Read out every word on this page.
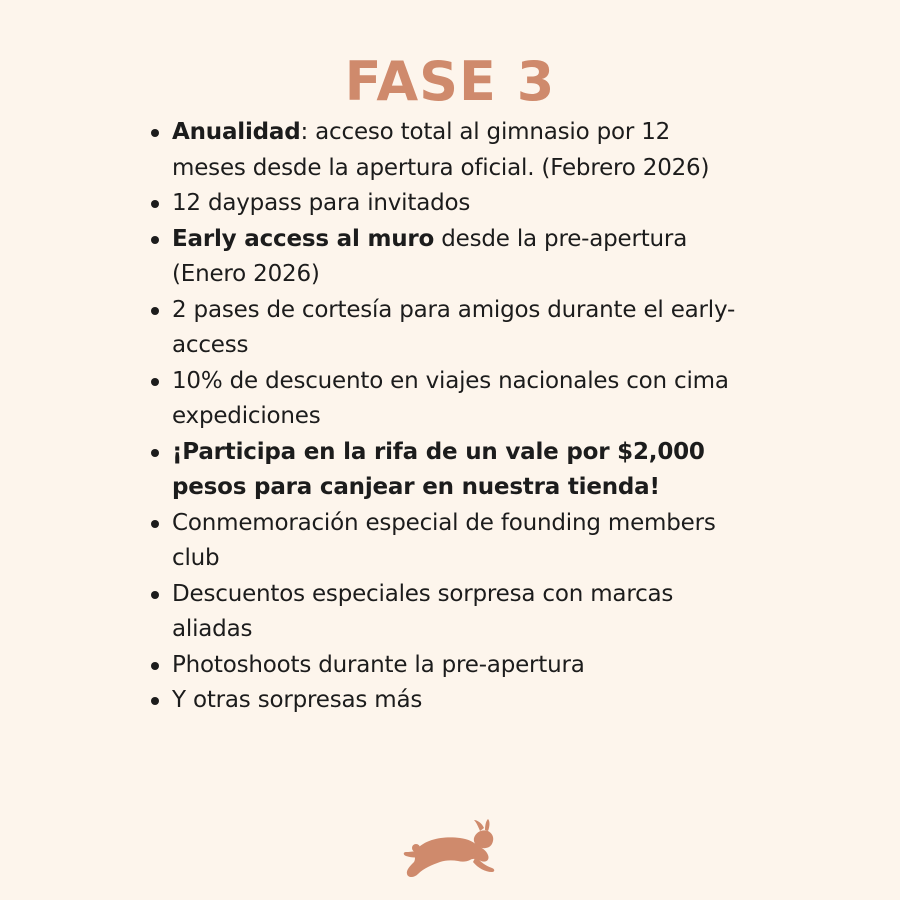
FASE 3
Anualidad: acceso total al gimnasio por 12 meses desde la apertura oficial. (Febrero 2026)
12 daypass para invitados
Early access al muro desde la pre-apertura (Enero 2026)
2 pases de cortesía para amigos durante el early-access
10% de descuento en viajes nacionales con cima expediciones
¡Participa en la rifa de un vale por $2,000 pesos para canjear en nuestra tienda!
Conmemoración especial de founding members club
Descuentos especiales sorpresa con marcas aliadas
Photoshoots durante la pre-apertura
Y otras sorpresas más
